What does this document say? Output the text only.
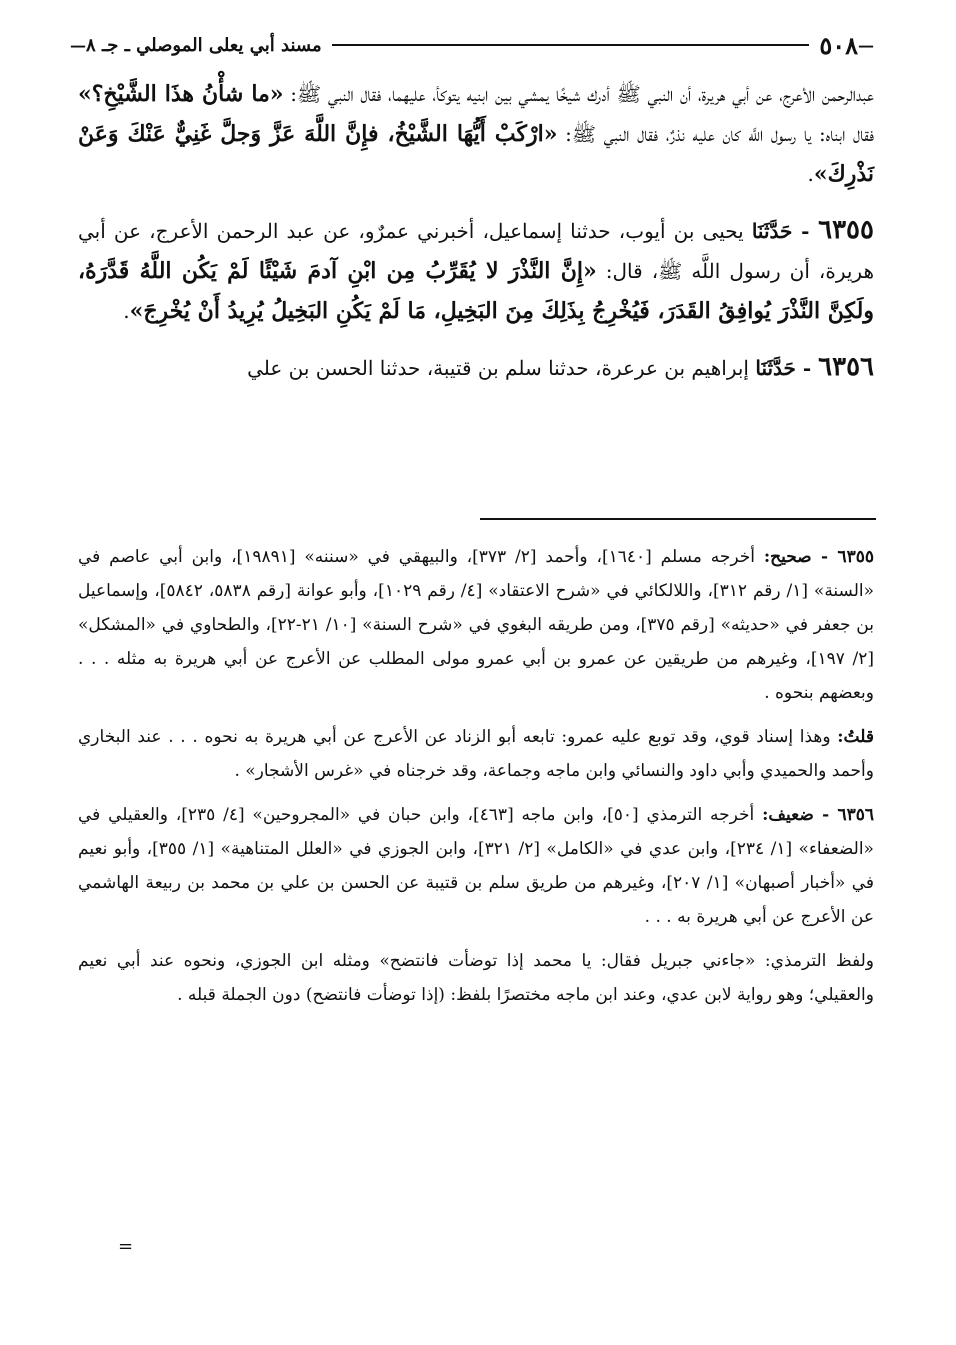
—
٥٠٨
مسند أبي يعلى الموصلي ـ جـ ٨
—

عبدالرحمن الأعرج، عن أبي هريرة، أن النبي ﷺ أدرك شيخًا يمشي بين ابنيه يتوكأ، عليهما، فقال النبي ﷺ: «ما شأْنُ هذَا الشَّيْخِ؟» فقال ابناه: يا رسول اللَّه كان عليه نذرٌ، فقال النبي ﷺ: «ارْكَبْ أَيُّهَا الشَّيْخُ، فإِنَّ اللَّهَ عَزَّ وَجلَّ غَنِيٌّ عَنْكَ وَعَنْ نَذْرِكَ».

٦٣٥٥ - حَدَّثَنَا يحيى بن أيوب، حدثنا إسماعيل، أخبرني عمرٌو، عن عبد الرحمن الأعرج، عن أبي هريرة، أن رسول اللَّه ﷺ، قال: «إِنَّ النَّذْرَ لا يُقَرِّبُ مِن ابْنِ آدمَ شَيْئًا لَمْ يَكُن اللَّهُ قَدَّرَهُ، ولَكِنَّ النَّذْرَ يُوافِقُ القَدَرَ، فَيُخْرِجُ بِذَلِكَ مِنَ البَخِيلِ، مَا لَمْ يَكُنِ البَخِيلُ يُرِيدُ أَنْ يُخْرِجَ».

٦٣٥٦ - حَدَّثَنَا إبراهيم بن عرعرة، حدثنا سلم بن قتيبة، حدثنا الحسن بن علي

٦٣٥٥ - صحيح: أخرجه مسلم [١٦٤٠]، وأحمد [٢/ ٣٧٣]، والبيهقي في «سننه» [١٩٨٩١]، وابن أبي عاصم في «السنة» [١/ رقم ٣١٢]، واللالكائي في «شرح الاعتقاد» [٤/ رقم ١٠٢٩]، وأبو عوانة [رقم ٥٨٣٨، ٥٨٤٢]، وإسماعيل بن جعفر في «حديثه» [رقم ٣٧٥]، ومن طريقه البغوي في «شرح السنة» [١٠/ ٢١-٢٢]، والطحاوي في «المشكل» [٢/ ١٩٧]، وغيرهم من طريقين عن عمرو بن أبي عمرو مولى المطلب عن الأعرج عن أبي هريرة به مثله . . . وبعضهم بنحوه .

قلتُ: وهذا إسناد قوي، وقد توبع عليه عمرو: تابعه أبو الزناد عن الأعرج عن أبي هريرة به نحوه . . . عند البخاري وأحمد والحميدي وأبي داود والنسائي وابن ماجه وجماعة، وقد خرجناه في «غرس الأشجار» .

٦٣٥٦ - ضعيف: أخرجه الترمذي [٥٠]، وابن ماجه [٤٦٣]، وابن حبان في «المجروحين» [٤/ ٢٣٥]، والعقيلي في «الضعفاء» [١/ ٢٣٤]، وابن عدي في «الكامل» [٢/ ٣٢١]، وابن الجوزي في «العلل المتناهية» [١/ ٣٥٥]، وأبو نعيم في «أخبار أصبهان» [١/ ٢٠٧]، وغيرهم من طريق سلم بن قتيبة عن الحسن بن علي بن محمد بن ربيعة الهاشمي عن الأعرج عن أبي هريرة به . . .

ولفظ الترمذي: «جاءني جبريل فقال: يا محمد إذا توضأت فانتضح» ومثله ابن الجوزي، ونحوه عند أبي نعيم والعقيلي؛ وهو رواية لابن عدي، وعند ابن ماجه مختصرًا بلفظ: (إذا توضأت فانتضح) دون الجملة قبله .

=
